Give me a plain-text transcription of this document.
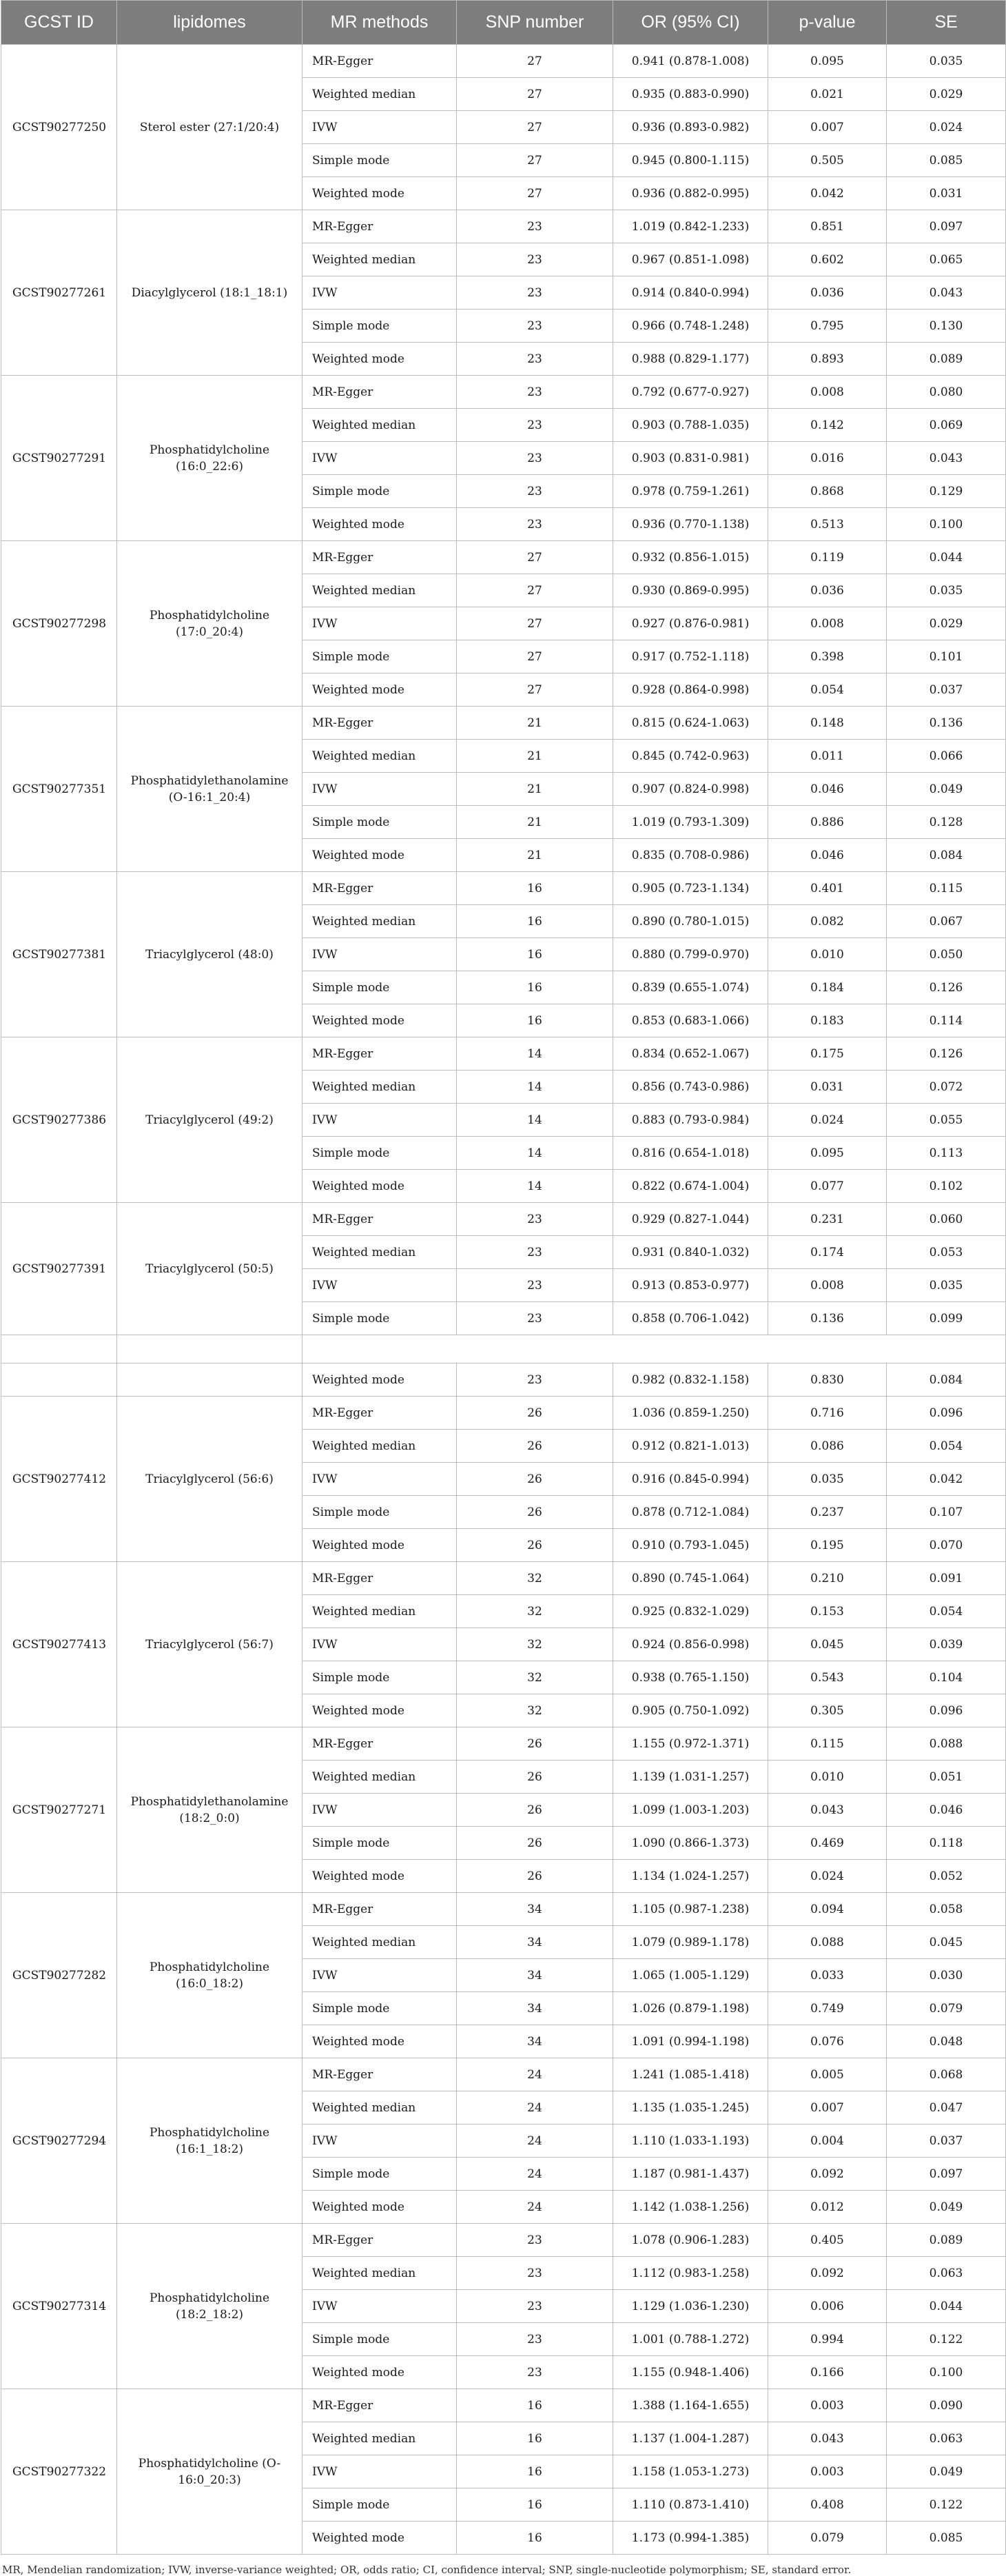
GCST ID	lipidomes	MR methods	SNP number	OR (95% CI)	p-value	SE
GCST90277250	Sterol ester (27:1/20:4)	MR-Egger	27	0.941 (0.878-1.008)	0.095	0.035
		Weighted median	27	0.935 (0.883-0.990)	0.021	0.029
		IVW	27	0.936 (0.893-0.982)	0.007	0.024
		Simple mode	27	0.945 (0.800-1.115)	0.505	0.085
		Weighted mode	27	0.936 (0.882-0.995)	0.042	0.031
GCST90277261	Diacylglycerol (18:1_18:1)	MR-Egger	23	1.019 (0.842-1.233)	0.851	0.097
		Weighted median	23	0.967 (0.851-1.098)	0.602	0.065
		IVW	23	0.914 (0.840-0.994)	0.036	0.043
		Simple mode	23	0.966 (0.748-1.248)	0.795	0.130
		Weighted mode	23	0.988 (0.829-1.177)	0.893	0.089
GCST90277291	Phosphatidylcholine (16:0_22:6)	MR-Egger	23	0.792 (0.677-0.927)	0.008	0.080
		Weighted median	23	0.903 (0.788-1.035)	0.142	0.069
		IVW	23	0.903 (0.831-0.981)	0.016	0.043
		Simple mode	23	0.978 (0.759-1.261)	0.868	0.129
		Weighted mode	23	0.936 (0.770-1.138)	0.513	0.100
GCST90277298	Phosphatidylcholine (17:0_20:4)	MR-Egger	27	0.932 (0.856-1.015)	0.119	0.044
		Weighted median	27	0.930 (0.869-0.995)	0.036	0.035
		IVW	27	0.927 (0.876-0.981)	0.008	0.029
		Simple mode	27	0.917 (0.752-1.118)	0.398	0.101
		Weighted mode	27	0.928 (0.864-0.998)	0.054	0.037
GCST90277351	Phosphatidylethanolamine (O-16:1_20:4)	MR-Egger	21	0.815 (0.624-1.063)	0.148	0.136
		Weighted median	21	0.845 (0.742-0.963)	0.011	0.066
		IVW	21	0.907 (0.824-0.998)	0.046	0.049
		Simple mode	21	1.019 (0.793-1.309)	0.886	0.128
		Weighted mode	21	0.835 (0.708-0.986)	0.046	0.084
GCST90277381	Triacylglycerol (48:0)	MR-Egger	16	0.905 (0.723-1.134)	0.401	0.115
		Weighted median	16	0.890 (0.780-1.015)	0.082	0.067
		IVW	16	0.880 (0.799-0.970)	0.010	0.050
		Simple mode	16	0.839 (0.655-1.074)	0.184	0.126
		Weighted mode	16	0.853 (0.683-1.066)	0.183	0.114
GCST90277386	Triacylglycerol (49:2)	MR-Egger	14	0.834 (0.652-1.067)	0.175	0.126
		Weighted median	14	0.856 (0.743-0.986)	0.031	0.072
		IVW	14	0.883 (0.793-0.984)	0.024	0.055
		Simple mode	14	0.816 (0.654-1.018)	0.095	0.113
		Weighted mode	14	0.822 (0.674-1.004)	0.077	0.102
GCST90277391	Triacylglycerol (50:5)	MR-Egger	23	0.929 (0.827-1.044)	0.231	0.060
		Weighted median	23	0.931 (0.840-1.032)	0.174	0.053
		IVW	23	0.913 (0.853-0.977)	0.008	0.035
		Simple mode	23	0.858 (0.706-1.042)	0.136	0.099

		Weighted mode	23	0.982 (0.832-1.158)	0.830	0.084
GCST90277412	Triacylglycerol (56:6)	MR-Egger	26	1.036 (0.859-1.250)	0.716	0.096
		Weighted median	26	0.912 (0.821-1.013)	0.086	0.054
		IVW	26	0.916 (0.845-0.994)	0.035	0.042
		Simple mode	26	0.878 (0.712-1.084)	0.237	0.107
		Weighted mode	26	0.910 (0.793-1.045)	0.195	0.070
GCST90277413	Triacylglycerol (56:7)	MR-Egger	32	0.890 (0.745-1.064)	0.210	0.091
		Weighted median	32	0.925 (0.832-1.029)	0.153	0.054
		IVW	32	0.924 (0.856-0.998)	0.045	0.039
		Simple mode	32	0.938 (0.765-1.150)	0.543	0.104
		Weighted mode	32	0.905 (0.750-1.092)	0.305	0.096
GCST90277271	Phosphatidylethanolamine (18:2_0:0)	MR-Egger	26	1.155 (0.972-1.371)	0.115	0.088
		Weighted median	26	1.139 (1.031-1.257)	0.010	0.051
		IVW	26	1.099 (1.003-1.203)	0.043	0.046
		Simple mode	26	1.090 (0.866-1.373)	0.469	0.118
		Weighted mode	26	1.134 (1.024-1.257)	0.024	0.052
GCST90277282	Phosphatidylcholine (16:0_18:2)	MR-Egger	34	1.105 (0.987-1.238)	0.094	0.058
		Weighted median	34	1.079 (0.989-1.178)	0.088	0.045
		IVW	34	1.065 (1.005-1.129)	0.033	0.030
		Simple mode	34	1.026 (0.879-1.198)	0.749	0.079
		Weighted mode	34	1.091 (0.994-1.198)	0.076	0.048
GCST90277294	Phosphatidylcholine (16:1_18:2)	MR-Egger	24	1.241 (1.085-1.418)	0.005	0.068
		Weighted median	24	1.135 (1.035-1.245)	0.007	0.047
		IVW	24	1.110 (1.033-1.193)	0.004	0.037
		Simple mode	24	1.187 (0.981-1.437)	0.092	0.097
		Weighted mode	24	1.142 (1.038-1.256)	0.012	0.049
GCST90277314	Phosphatidylcholine (18:2_18:2)	MR-Egger	23	1.078 (0.906-1.283)	0.405	0.089
		Weighted median	23	1.112 (0.983-1.258)	0.092	0.063
		IVW	23	1.129 (1.036-1.230)	0.006	0.044
		Simple mode	23	1.001 (0.788-1.272)	0.994	0.122
		Weighted mode	23	1.155 (0.948-1.406)	0.166	0.100
GCST90277322	Phosphatidylcholine (O-16:0_20:3)	MR-Egger	16	1.388 (1.164-1.655)	0.003	0.090
		Weighted median	16	1.137 (1.004-1.287)	0.043	0.063
		IVW	16	1.158 (1.053-1.273)	0.003	0.049
		Simple mode	16	1.110 (0.873-1.410)	0.408	0.122
		Weighted mode	16	1.173 (0.994-1.385)	0.079	0.085
MR, Mendelian randomization; IVW, inverse-variance weighted; OR, odds ratio; CI, confidence interval; SNP, single-nucleotide polymorphism; SE, standard error.
